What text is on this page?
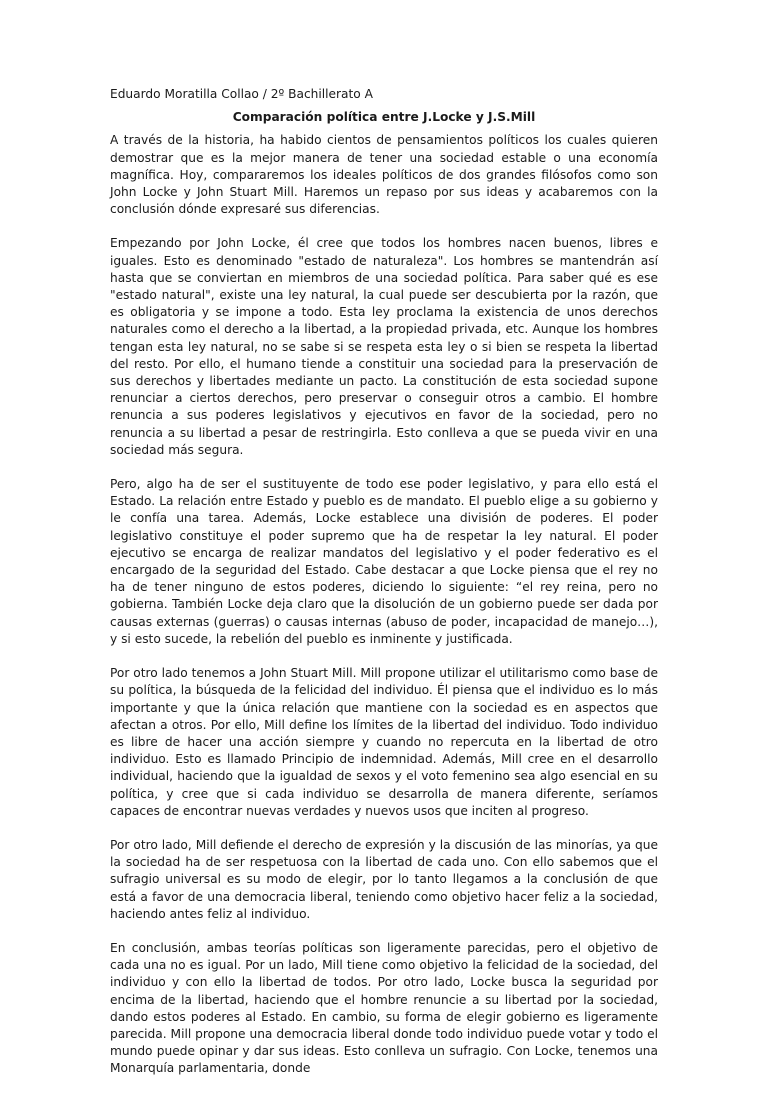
Eduardo Moratilla Collao / 2º Bachillerato A

Comparación política entre J.Locke y J.S.Mill

A través de la historia, ha habido cientos de pensamientos políticos los cuales quieren demostrar que es la mejor manera de tener una sociedad estable o una economía magnífica. Hoy, compararemos los ideales políticos de dos grandes filósofos como son John Locke y John Stuart Mill. Haremos un repaso por sus ideas y acabaremos con la conclusión dónde expresaré sus diferencias.

Empezando por John Locke, él cree que todos los hombres nacen buenos, libres e iguales. Esto es denominado "estado de naturaleza". Los hombres se mantendrán así hasta que se conviertan en miembros de una sociedad política. Para saber qué es ese "estado natural", existe una ley natural, la cual puede ser descubierta por la razón, que es obligatoria y se impone a todo. Esta ley proclama la existencia de unos derechos naturales como el derecho a la libertad, a la propiedad privada, etc. Aunque los hombres tengan esta ley natural, no se sabe si se respeta esta ley o si bien se respeta la libertad del resto. Por ello, el humano tiende a constituir una sociedad para la preservación de sus derechos y libertades mediante un pacto. La constitución de esta sociedad supone renunciar a ciertos derechos, pero preservar o conseguir otros a cambio. El hombre renuncia a sus poderes legislativos y ejecutivos en favor de la sociedad, pero no renuncia a su libertad a pesar de restringirla. Esto conlleva a que se pueda vivir en una sociedad más segura.

Pero, algo ha de ser el sustituyente de todo ese poder legislativo, y para ello está el Estado. La relación entre Estado y pueblo es de mandato. El pueblo elige a su gobierno y le confía una tarea. Además, Locke establece una división de poderes. El poder legislativo constituye el poder supremo que ha de respetar la ley natural. El poder ejecutivo se encarga de realizar mandatos del legislativo y el poder federativo es el encargado de la seguridad del Estado. Cabe destacar a que Locke piensa que el rey no ha de tener ninguno de estos poderes, diciendo lo siguiente: “el rey reina, pero no gobierna. También Locke deja claro que la disolución de un gobierno puede ser dada por causas externas (guerras) o causas internas (abuso de poder, incapacidad de manejo…), y si esto sucede, la rebelión del pueblo es inminente y justificada.

Por otro lado tenemos a John Stuart Mill. Mill propone utilizar el utilitarismo como base de su política, la búsqueda de la felicidad del individuo. Él piensa que el individuo es lo más importante y que la única relación que mantiene con la sociedad es en aspectos que afectan a otros. Por ello, Mill define los límites de la libertad del individuo. Todo individuo es libre de hacer una acción siempre y cuando no repercuta en la libertad de otro individuo. Esto es llamado Principio de indemnidad. Además, Mill cree en el desarrollo individual, haciendo que la igualdad de sexos y el voto femenino sea algo esencial en su política, y cree que si cada individuo se desarrolla de manera diferente, seríamos capaces de encontrar nuevas verdades y nuevos usos que inciten al progreso.

Por otro lado, Mill defiende el derecho de expresión y la discusión de las minorías, ya que la sociedad ha de ser respetuosa con la libertad de cada uno. Con ello sabemos que el sufragio universal es su modo de elegir, por lo tanto llegamos a la conclusión de que está a favor de una democracia liberal, teniendo como objetivo hacer feliz a la sociedad, haciendo antes feliz al individuo.

En conclusión, ambas teorías políticas son ligeramente parecidas, pero el objetivo de cada una no es igual. Por un lado, Mill tiene como objetivo la felicidad de la sociedad, del individuo y con ello la libertad de todos. Por otro lado, Locke busca la seguridad por encima de la libertad, haciendo que el hombre renuncie a su libertad por la sociedad, dando estos poderes al Estado. En cambio, su forma de elegir gobierno es ligeramente parecida. Mill propone una democracia liberal donde todo individuo puede votar y todo el mundo puede opinar y dar sus ideas. Esto conlleva un sufragio. Con Locke, tenemos una Monarquía parlamentaria, donde
